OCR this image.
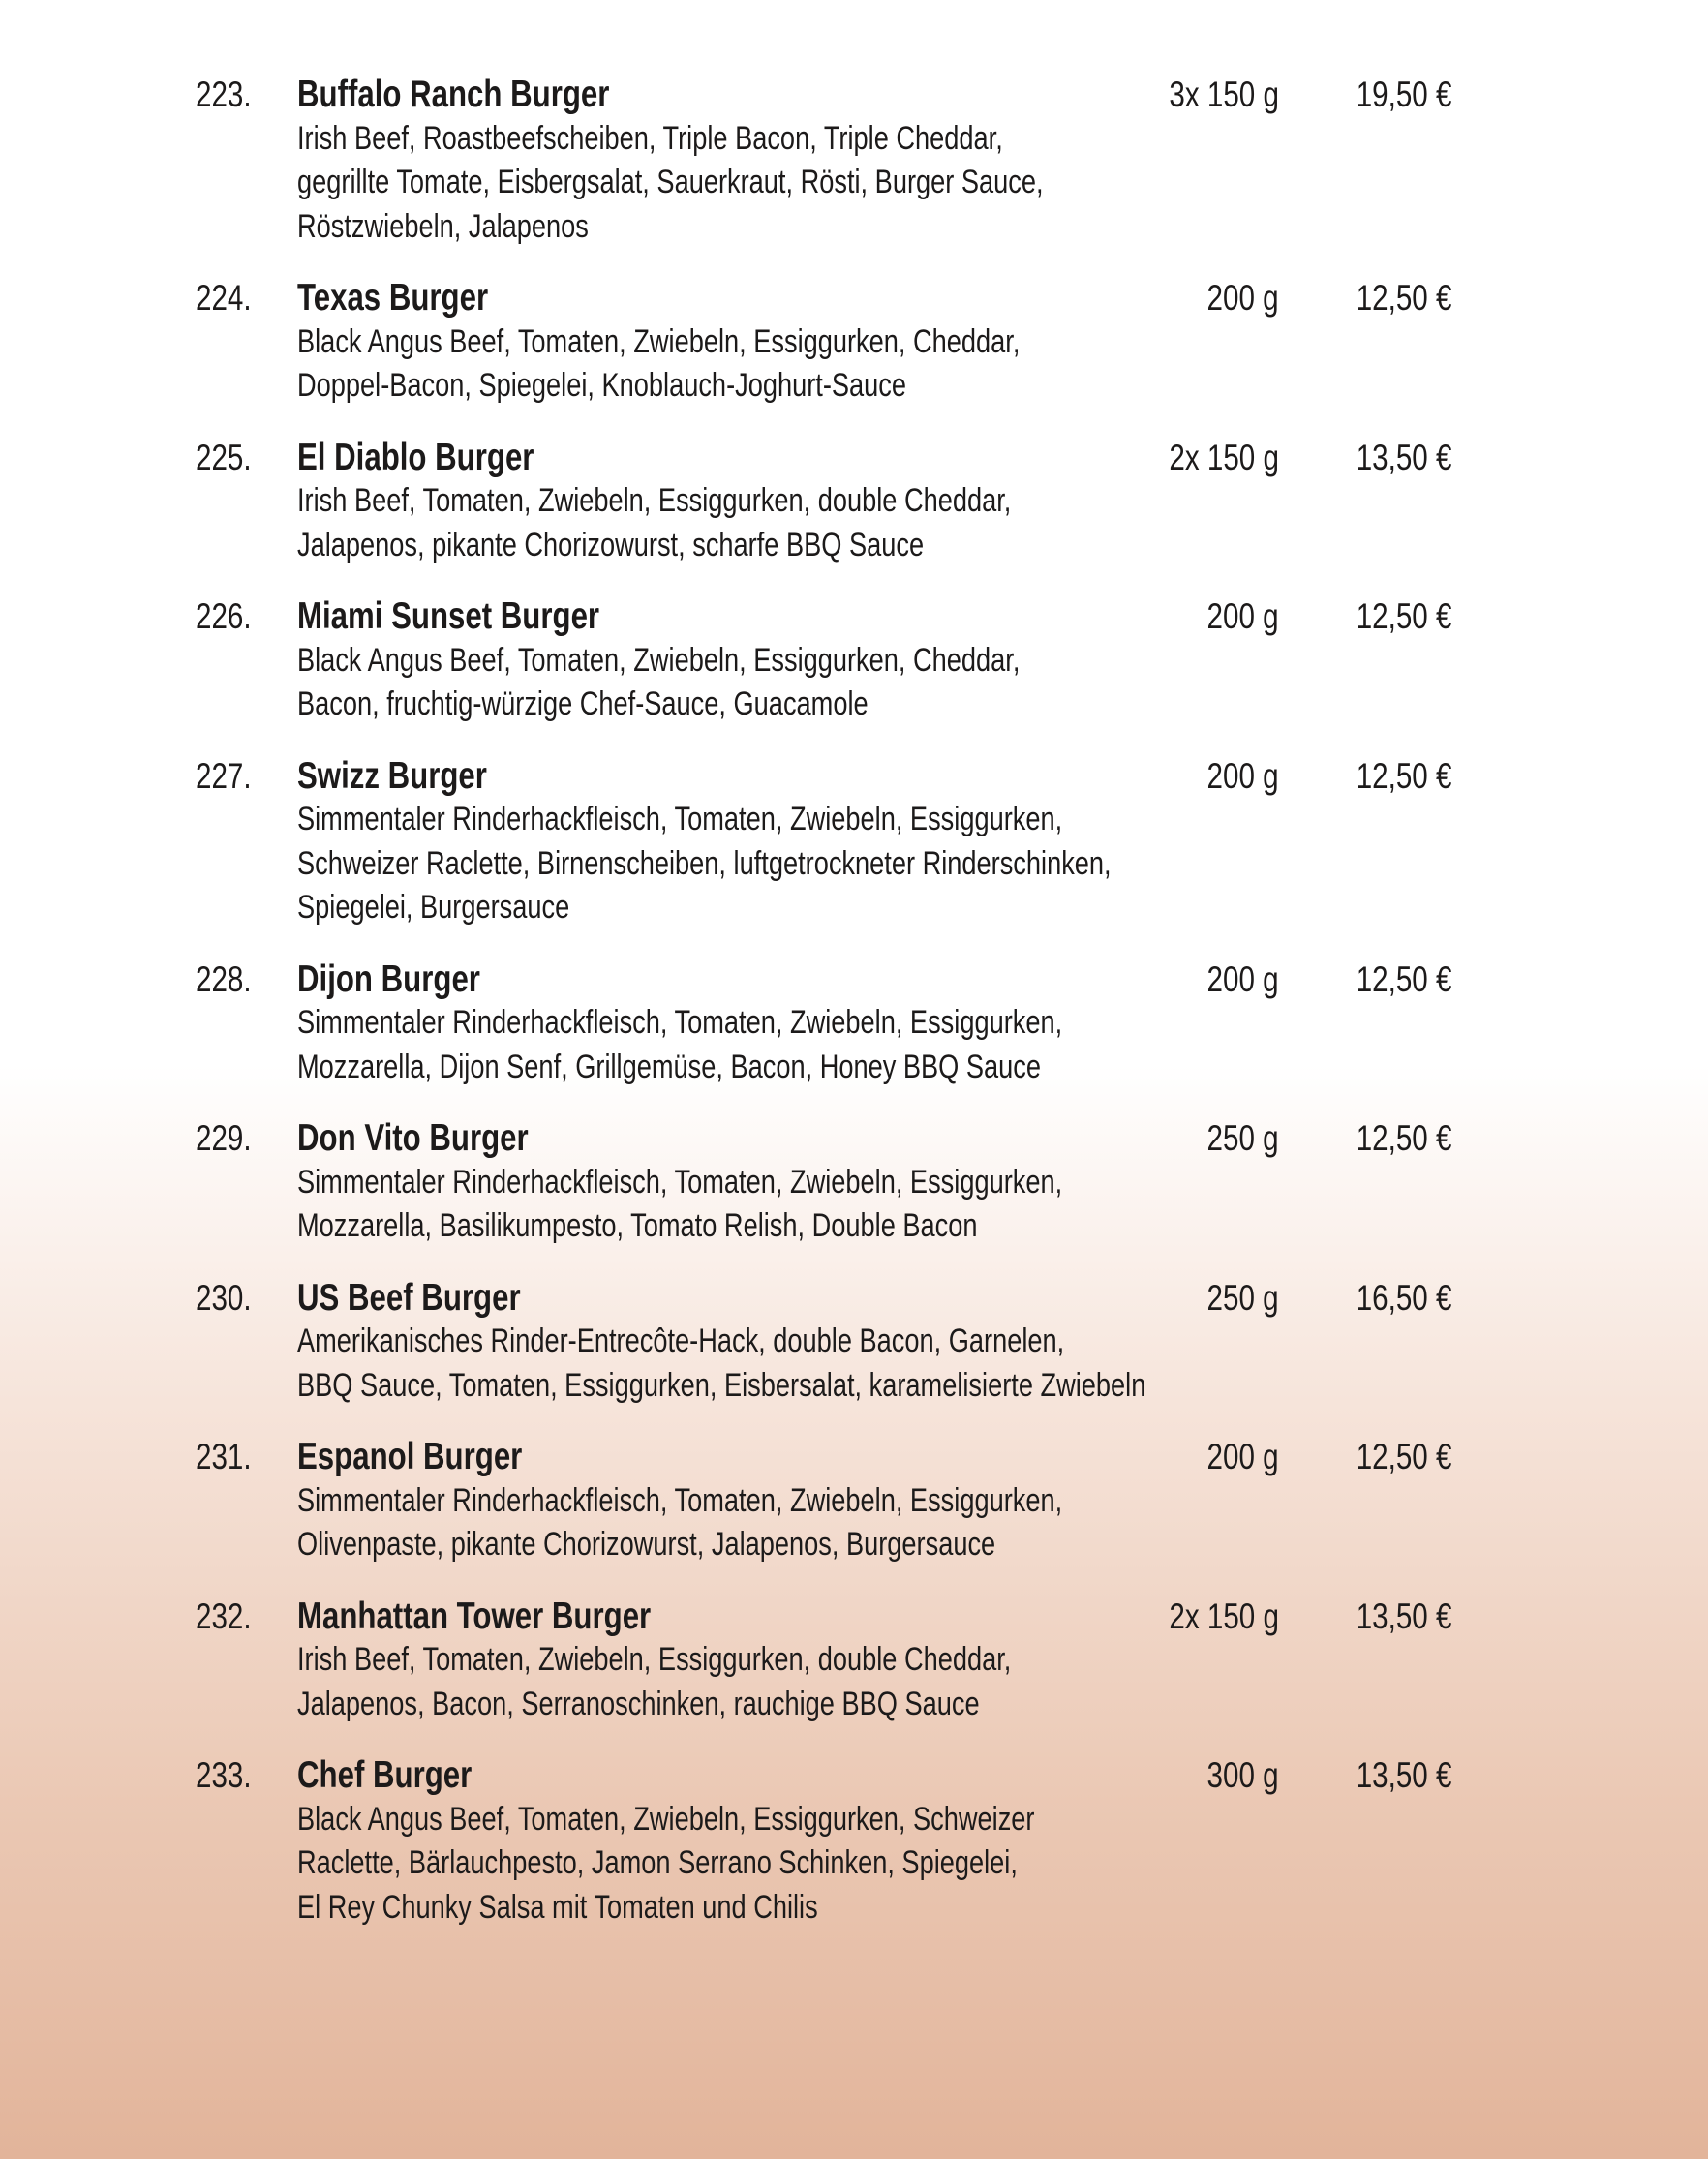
223.	Buffalo Ranch Burger	3x 150 g	19,50 €
Irish Beef, Roastbeefscheiben, Triple Bacon, Triple Cheddar,
gegrillte Tomate, Eisbergsalat, Sauerkraut, Rösti, Burger Sauce,
Röstzwiebeln, Jalapenos
224.	Texas Burger	200 g	12,50 €
Black Angus Beef, Tomaten, Zwiebeln, Essiggurken, Cheddar,
Doppel-Bacon, Spiegelei, Knoblauch-Joghurt-Sauce
225.	El Diablo Burger	2x 150 g	13,50 €
Irish Beef, Tomaten, Zwiebeln, Essiggurken, double Cheddar,
Jalapenos, pikante Chorizowurst, scharfe BBQ Sauce
226.	Miami Sunset Burger	200 g	12,50 €
Black Angus Beef, Tomaten, Zwiebeln, Essiggurken, Cheddar,
Bacon, fruchtig-würzige Chef-Sauce, Guacamole
227.	Swizz Burger	200 g	12,50 €
Simmentaler Rinderhackfleisch, Tomaten, Zwiebeln, Essiggurken,
Schweizer Raclette, Birnenscheiben, luftgetrockneter Rinderschinken,
Spiegelei, Burgersauce
228.	Dijon Burger	200 g	12,50 €
Simmentaler Rinderhackfleisch, Tomaten, Zwiebeln, Essiggurken,
Mozzarella, Dijon Senf, Grillgemüse, Bacon, Honey BBQ Sauce
229.	Don Vito Burger	250 g	12,50 €
Simmentaler Rinderhackfleisch, Tomaten, Zwiebeln, Essiggurken,
Mozzarella, Basilikumpesto, Tomato Relish, Double Bacon
230.	US Beef Burger	250 g	16,50 €
Amerikanisches Rinder-Entrecôte-Hack, double Bacon, Garnelen,
BBQ Sauce, Tomaten, Essiggurken, Eisbersalat, karamelisierte Zwiebeln
231.	Espanol Burger	200 g	12,50 €
Simmentaler Rinderhackfleisch, Tomaten, Zwiebeln, Essiggurken,
Olivenpaste, pikante Chorizowurst, Jalapenos, Burgersauce
232.	Manhattan Tower Burger	2x 150 g	13,50 €
Irish Beef, Tomaten, Zwiebeln, Essiggurken, double Cheddar,
Jalapenos, Bacon, Serranoschinken, rauchige BBQ Sauce
233.	Chef Burger	300 g	13,50 €
Black Angus Beef, Tomaten, Zwiebeln, Essiggurken, Schweizer
Raclette, Bärlauchpesto, Jamon Serrano Schinken, Spiegelei,
El Rey Chunky Salsa mit Tomaten und Chilis
